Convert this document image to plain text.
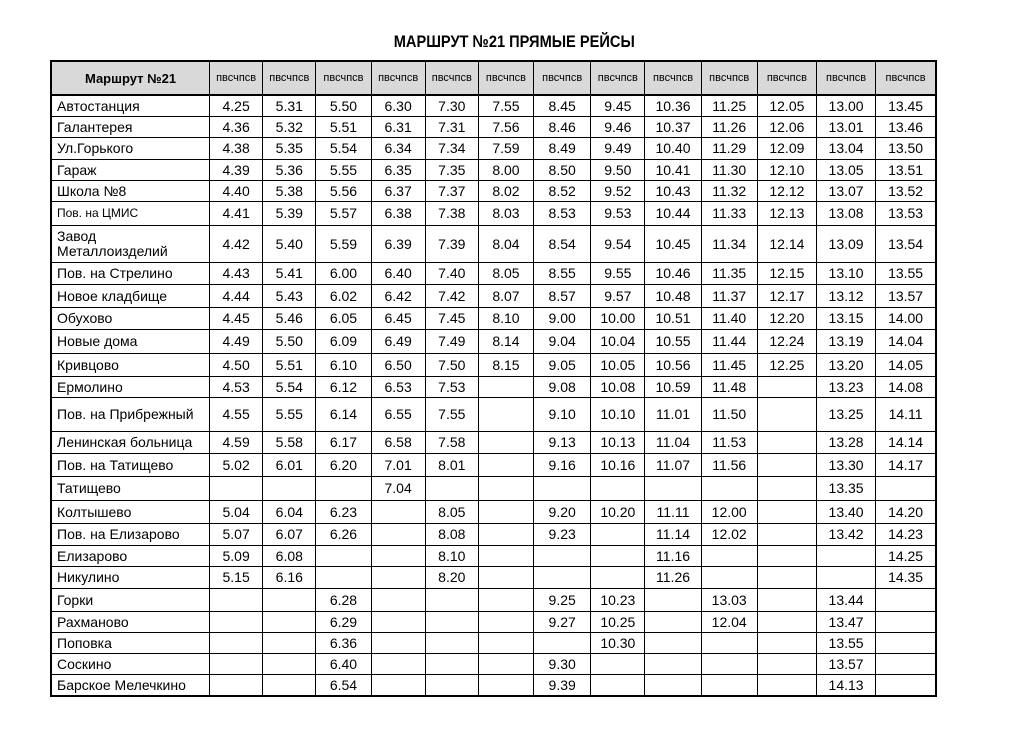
МАРШРУТ №21 ПРЯМЫЕ РЕЙСЫ
Маршрут №21	пвсчпсв	пвсчпсв	пвсчпсв	пвсчпсв	пвсчпсв	пвсчпсв	пвсчпсв	пвсчпсв	пвсчпсв	пвсчпсв	пвсчпсв	пвсчпсв	пвсчпсв
Автостанция	4.25	5.31	5.50	6.30	7.30	7.55	8.45	9.45	10.36	11.25	12.05	13.00	13.45
Галантерея	4.36	5.32	5.51	6.31	7.31	7.56	8.46	9.46	10.37	11.26	12.06	13.01	13.46
Ул.Горького	4.38	5.35	5.54	6.34	7.34	7.59	8.49	9.49	10.40	11.29	12.09	13.04	13.50
Гараж	4.39	5.36	5.55	6.35	7.35	8.00	8.50	9.50	10.41	11.30	12.10	13.05	13.51
Школа №8	4.40	5.38	5.56	6.37	7.37	8.02	8.52	9.52	10.43	11.32	12.12	13.07	13.52
Пов. на ЦМИС	4.41	5.39	5.57	6.38	7.38	8.03	8.53	9.53	10.44	11.33	12.13	13.08	13.53
Завод Металлоизделий	4.42	5.40	5.59	6.39	7.39	8.04	8.54	9.54	10.45	11.34	12.14	13.09	13.54
Пов. на Стрелино	4.43	5.41	6.00	6.40	7.40	8.05	8.55	9.55	10.46	11.35	12.15	13.10	13.55
Новое кладбище	4.44	5.43	6.02	6.42	7.42	8.07	8.57	9.57	10.48	11.37	12.17	13.12	13.57
Обухово	4.45	5.46	6.05	6.45	7.45	8.10	9.00	10.00	10.51	11.40	12.20	13.15	14.00
Новые дома	4.49	5.50	6.09	6.49	7.49	8.14	9.04	10.04	10.55	11.44	12.24	13.19	14.04
Кривцово	4.50	5.51	6.10	6.50	7.50	8.15	9.05	10.05	10.56	11.45	12.25	13.20	14.05
Ермолино	4.53	5.54	6.12	6.53	7.53		9.08	10.08	10.59	11.48		13.23	14.08
Пов. на Прибрежный	4.55	5.55	6.14	6.55	7.55		9.10	10.10	11.01	11.50		13.25	14.11
Ленинская больница	4.59	5.58	6.17	6.58	7.58		9.13	10.13	11.04	11.53		13.28	14.14
Пов. на Татищево	5.02	6.01	6.20	7.01	8.01		9.16	10.16	11.07	11.56		13.30	14.17
Татищево				7.04								13.35	
Колтышево	5.04	6.04	6.23		8.05		9.20	10.20	11.11	12.00		13.40	14.20
Пов. на Елизарово	5.07	6.07	6.26		8.08		9.23		11.14	12.02		13.42	14.23
Елизарово	5.09	6.08			8.10				11.16				14.25
Никулино	5.15	6.16			8.20				11.26				14.35
Горки			6.28				9.25	10.23		13.03		13.44	
Рахманово			6.29				9.27	10.25		12.04		13.47	
Поповка			6.36					10.30				13.55	
Соскино			6.40				9.30					13.57	
Барское Мелечкино			6.54				9.39					14.13	
